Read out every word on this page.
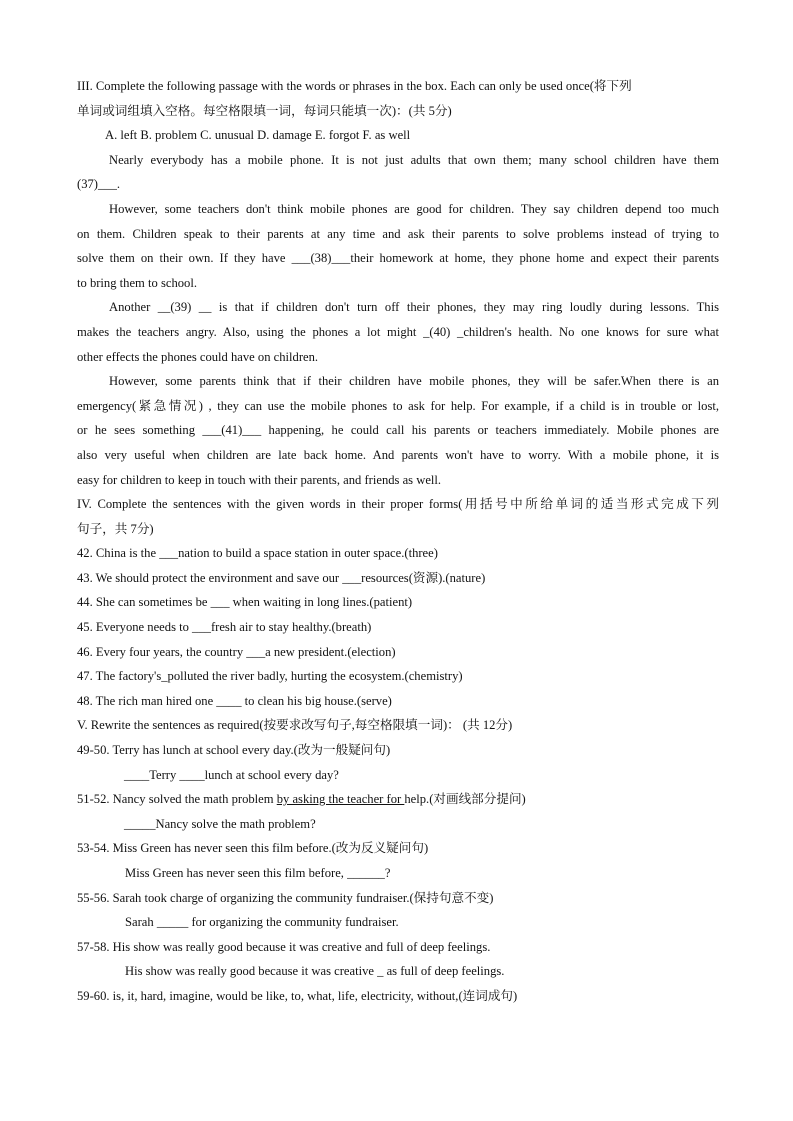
III. Complete the following passage with the words or phrases in the box. Each can only be used once(将下列
单词或词组填入空格。每空格限填一词，每词只能填一次)：(共 5分)
A. left B. problem C. unusual D. damage E. forgot F. as well
Nearly everybody has a mobile phone. It is not just adults that own them; many school children have them
(37)___.
However, some teachers don't think mobile phones are good for children. They say children depend too much
on them. Children speak to their parents at any time and ask their parents to solve problems instead of trying to
solve them on their own. If they have ___(38)___their homework at home, they phone home and expect their parents
to bring them to school.
Another __(39) __ is that if children don't turn off their phones, they may ring loudly during lessons. This
makes the teachers angry. Also, using the phones a lot might _(40) _children's health. No one knows for sure what
other effects the phones could have on children.
However, some parents think that if their children have mobile phones, they will be safer.When there is an
emergency(紧急情况) , they can use the mobile phones to ask for help. For example, if a child is in trouble or lost,
or he sees something ___(41)___ happening, he could call his parents or teachers immediately. Mobile phones are
also very useful when children are late back home. And parents won't have to worry. With a mobile phone, it is
easy for children to keep in touch with their parents, and friends as well.
IV. Complete the sentences with the given words in their proper forms(用括号中所给单词的适当形式完成下列
句子，共 7分)
42. China is the ___nation to build a space station in outer space.(three)
43. We should protect the environment and save our ___resources(资源).(nature)
44. She can sometimes be ___ when waiting in long lines.(patient)
45. Everyone needs to ___fresh air to stay healthy.(breath)
46. Every four years, the country ___a new president.(election)
47. The factory's_polluted the river badly, hurting the ecosystem.(chemistry)
48. The rich man hired one ____ to clean his big house.(serve)
V. Rewrite the sentences as required(按要求改写句子,每空格限填一词)： (共 12分)
49-50. Terry has lunch at school every day.(改为一般疑问句)
____Terry ____lunch at school every day?
51-52. Nancy solved the math problem by asking the teacher for help.(对画线部分提问)
_____Nancy solve the math problem?
53-54. Miss Green has never seen this film before.(改为反义疑问句)
Miss Green has never seen this film before, ______?
55-56. Sarah took charge of organizing the community fundraiser.(保持句意不变)
Sarah _____ for organizing the community fundraiser.
57-58. His show was really good because it was creative and full of deep feelings.
His show was really good because it was creative _ as full of deep feelings.
59-60. is, it, hard, imagine, would be like, to, what, life, electricity, without,(连词成句)
